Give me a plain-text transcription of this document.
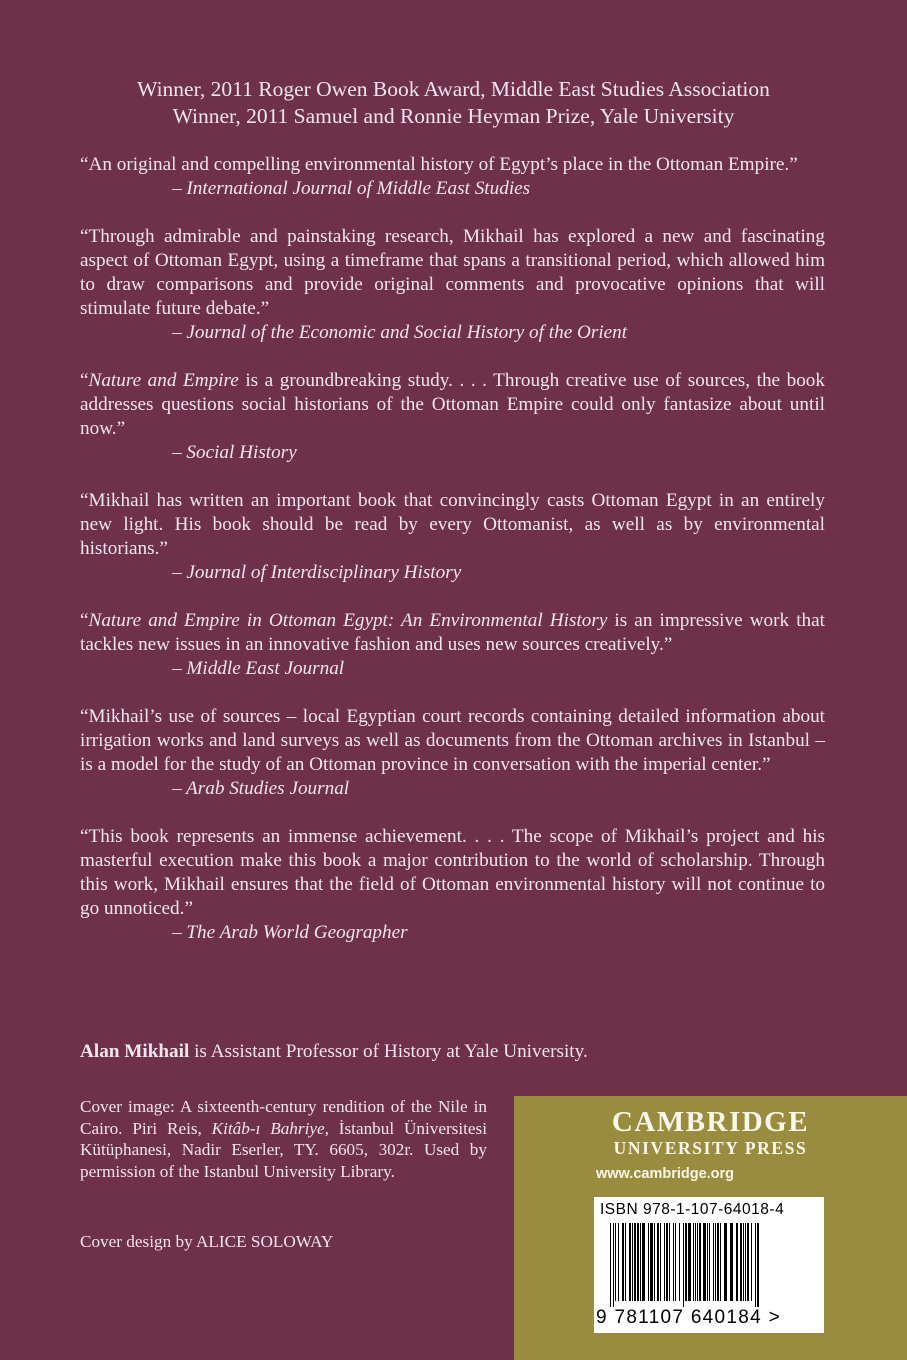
Winner, 2011 Roger Owen Book Award, Middle East Studies Association
Winner, 2011 Samuel and Ronnie Heyman Prize, Yale University
“An original and compelling environmental history of Egypt’s place in the Ottoman Empire.”
– International Journal of Middle East Studies
“Through admirable and painstaking research, Mikhail has explored a new and fascinating aspect of Ottoman Egypt, using a timeframe that spans a transitional period, which allowed him to draw comparisons and provide original comments and provocative opinions that will stimulate future debate.”
– Journal of the Economic and Social History of the Orient
“Nature and Empire is a groundbreaking study. . . . Through creative use of sources, the book addresses questions social historians of the Ottoman Empire could only fantasize about until now.”
– Social History
“Mikhail has written an important book that convincingly casts Ottoman Egypt in an entirely new light. His book should be read by every Ottomanist, as well as by environmental historians.”
– Journal of Interdisciplinary History
“Nature and Empire in Ottoman Egypt: An Environmental History is an impressive work that tackles new issues in an innovative fashion and uses new sources creatively.”
– Middle East Journal
“Mikhail’s use of sources – local Egyptian court records containing detailed information about irrigation works and land surveys as well as documents from the Ottoman archives in Istanbul – is a model for the study of an Ottoman province in conversation with the imperial center.”
– Arab Studies Journal
“This book represents an immense achievement. . . . The scope of Mikhail’s project and his masterful execution make this book a major contribution to the world of scholarship. Through this work, Mikhail ensures that the field of Ottoman environmental history will not continue to go unnoticed.”
– The Arab World Geographer
Alan Mikhail is Assistant Professor of History at Yale University.
Cover image: A sixteenth-century rendition of the Nile in Cairo. Piri Reis, Kitâb-ı Bahriye, İstanbul Üniversitesi Kütüphanesi, Nadir Eserler, TY. 6605, 302r. Used by permission of the Istanbul University Library.
Cover design by ALICE SOLOWAY
CAMBRIDGE
UNIVERSITY PRESS
www.cambridge.org
ISBN 978-1-107-64018-4
9 781107 640184 >
